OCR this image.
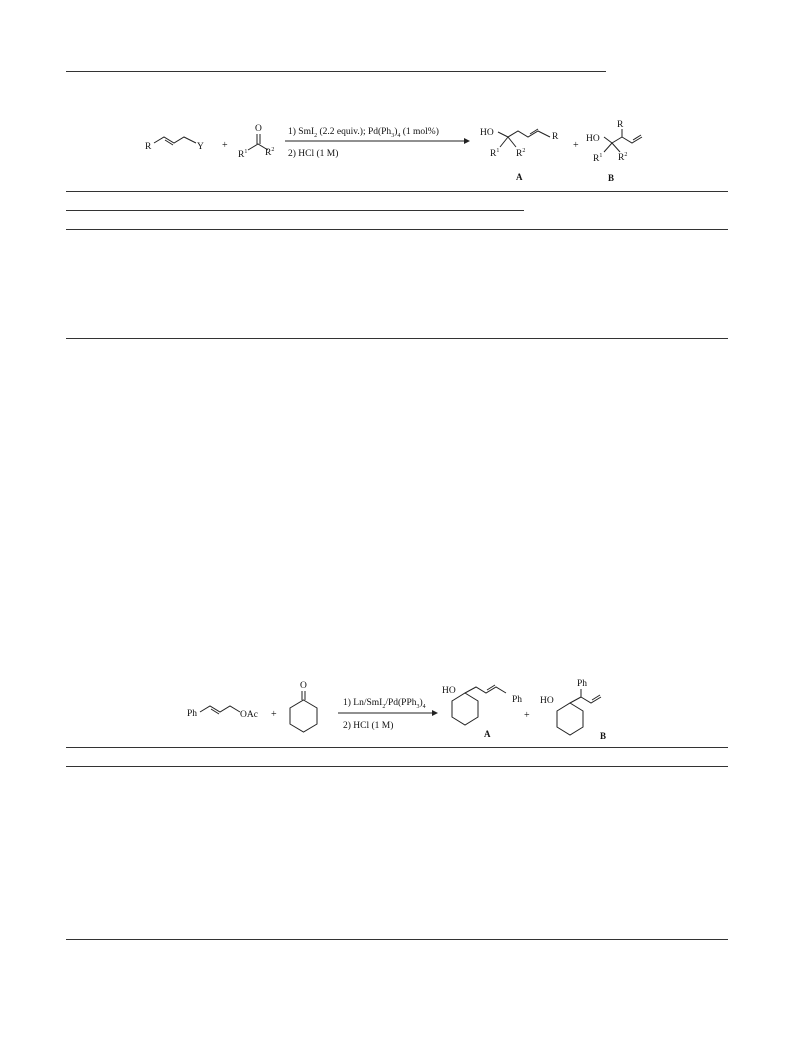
R	Y +
O
$R^1$ $R^2$
1) SmI$_2$ (2.2 equiv.); $Pd(Ph_3)_4$ (1 mol%)
2) HCl (1 M)
HO	R
$R^1$ $R^2$
A
+
R
HO
$R^1$ $R^2$
B
Ph	OAc +
O
1) $Ln/SmI_2/Pd(PPh_3)_4$
2) HCl (1 M)
HO
Ph
A
+
Ph
HO
B
